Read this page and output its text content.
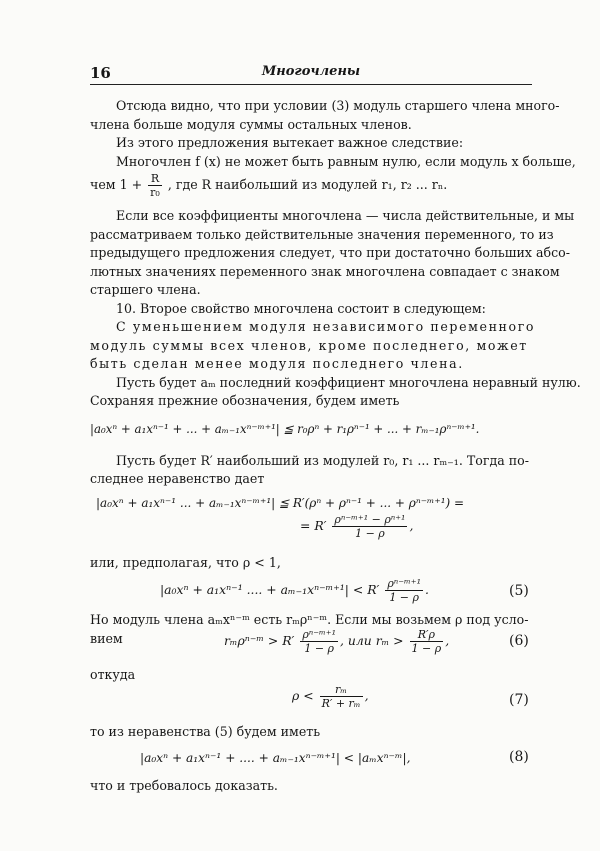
16	Многочлены
Отсюда видно, что при условии (3) модуль старшего члена много-
члена больше модуля суммы остальных членов.
Из этого предложения вытекает важное следствие:
Многочлен f (x) не может быть равным нулю, если модуль x больше,
чем $1 + \frac{R}{\text{r₀}}$ , где R наибольший из модулей r₁, r₂ ... rₙ.
Если все коэффициенты многочлена — числа действительные, и мы
рассматриваем только действительные значения переменного, то из
предыдущего предложения следует, что при достаточно больших абсо-
лютных значениях переменного знак многочлена совпадает с знаком
старшего члена.
10. Второе свойство многочлена состоит в следующем:
С уменьшением модуля независимого переменного
модуль суммы всех членов, кроме последнего, может
быть сделан менее модуля последнего члена.
Пусть будет aₘ последний коэффициент многочлена неравный нулю.
Сохраняя прежние обозначения, будем иметь
|a₀xⁿ + a₁xⁿ⁻¹ + ... + aₘ₋₁xⁿ⁻ᵐ⁺¹| ≦ r₀ρⁿ + r₁ρⁿ⁻¹ + ... + rₘ₋₁ρⁿ⁻ᵐ⁺¹.
Пусть будет R′ наибольший из модулей r₀, r₁ ... rₘ₋₁. Тогда по-
следнее неравенство дает
|a₀xⁿ + a₁xⁿ⁻¹ ... + aₘ₋₁xⁿ⁻ᵐ⁺¹| ≦ R′(ρⁿ + ρⁿ⁻¹ + ... + ρⁿ⁻ᵐ⁺¹) =
= $R' \frac{\text{ρⁿ⁻ᵐ⁺¹ − ρⁿ⁺¹}}{1 - \rho}$ ,
или, предполагая, что ρ < 1,
|a₀xⁿ + a₁xⁿ⁻¹ .... + aₘ₋₁xⁿ⁻ᵐ⁺¹| < $R' \frac{\text{ρⁿ⁻ᵐ⁺¹}}{1 - \rho}$ .	(5)
Но модуль члена aₘxⁿ⁻ᵐ есть rₘρⁿ⁻ᵐ. Если мы возьмем ρ под усло-
вием	rₘρⁿ⁻ᵐ > $R' \frac{\text{ρⁿ⁻ᵐ⁺¹}}{1 - \rho}$ , или $r_m > \frac{R'\rho}{1 - \rho}$ ,	(6)
откуда
$\rho < \frac{\text{rₘ}}{\text{R′ + rₘ}}$ ,	(7)
то из неравенства (5) будем иметь
|a₀xⁿ + a₁xⁿ⁻¹ + .... + aₘ₋₁xⁿ⁻ᵐ⁺¹| < |aₘxⁿ⁻ᵐ|,	(8)
что и требовалось доказать.
